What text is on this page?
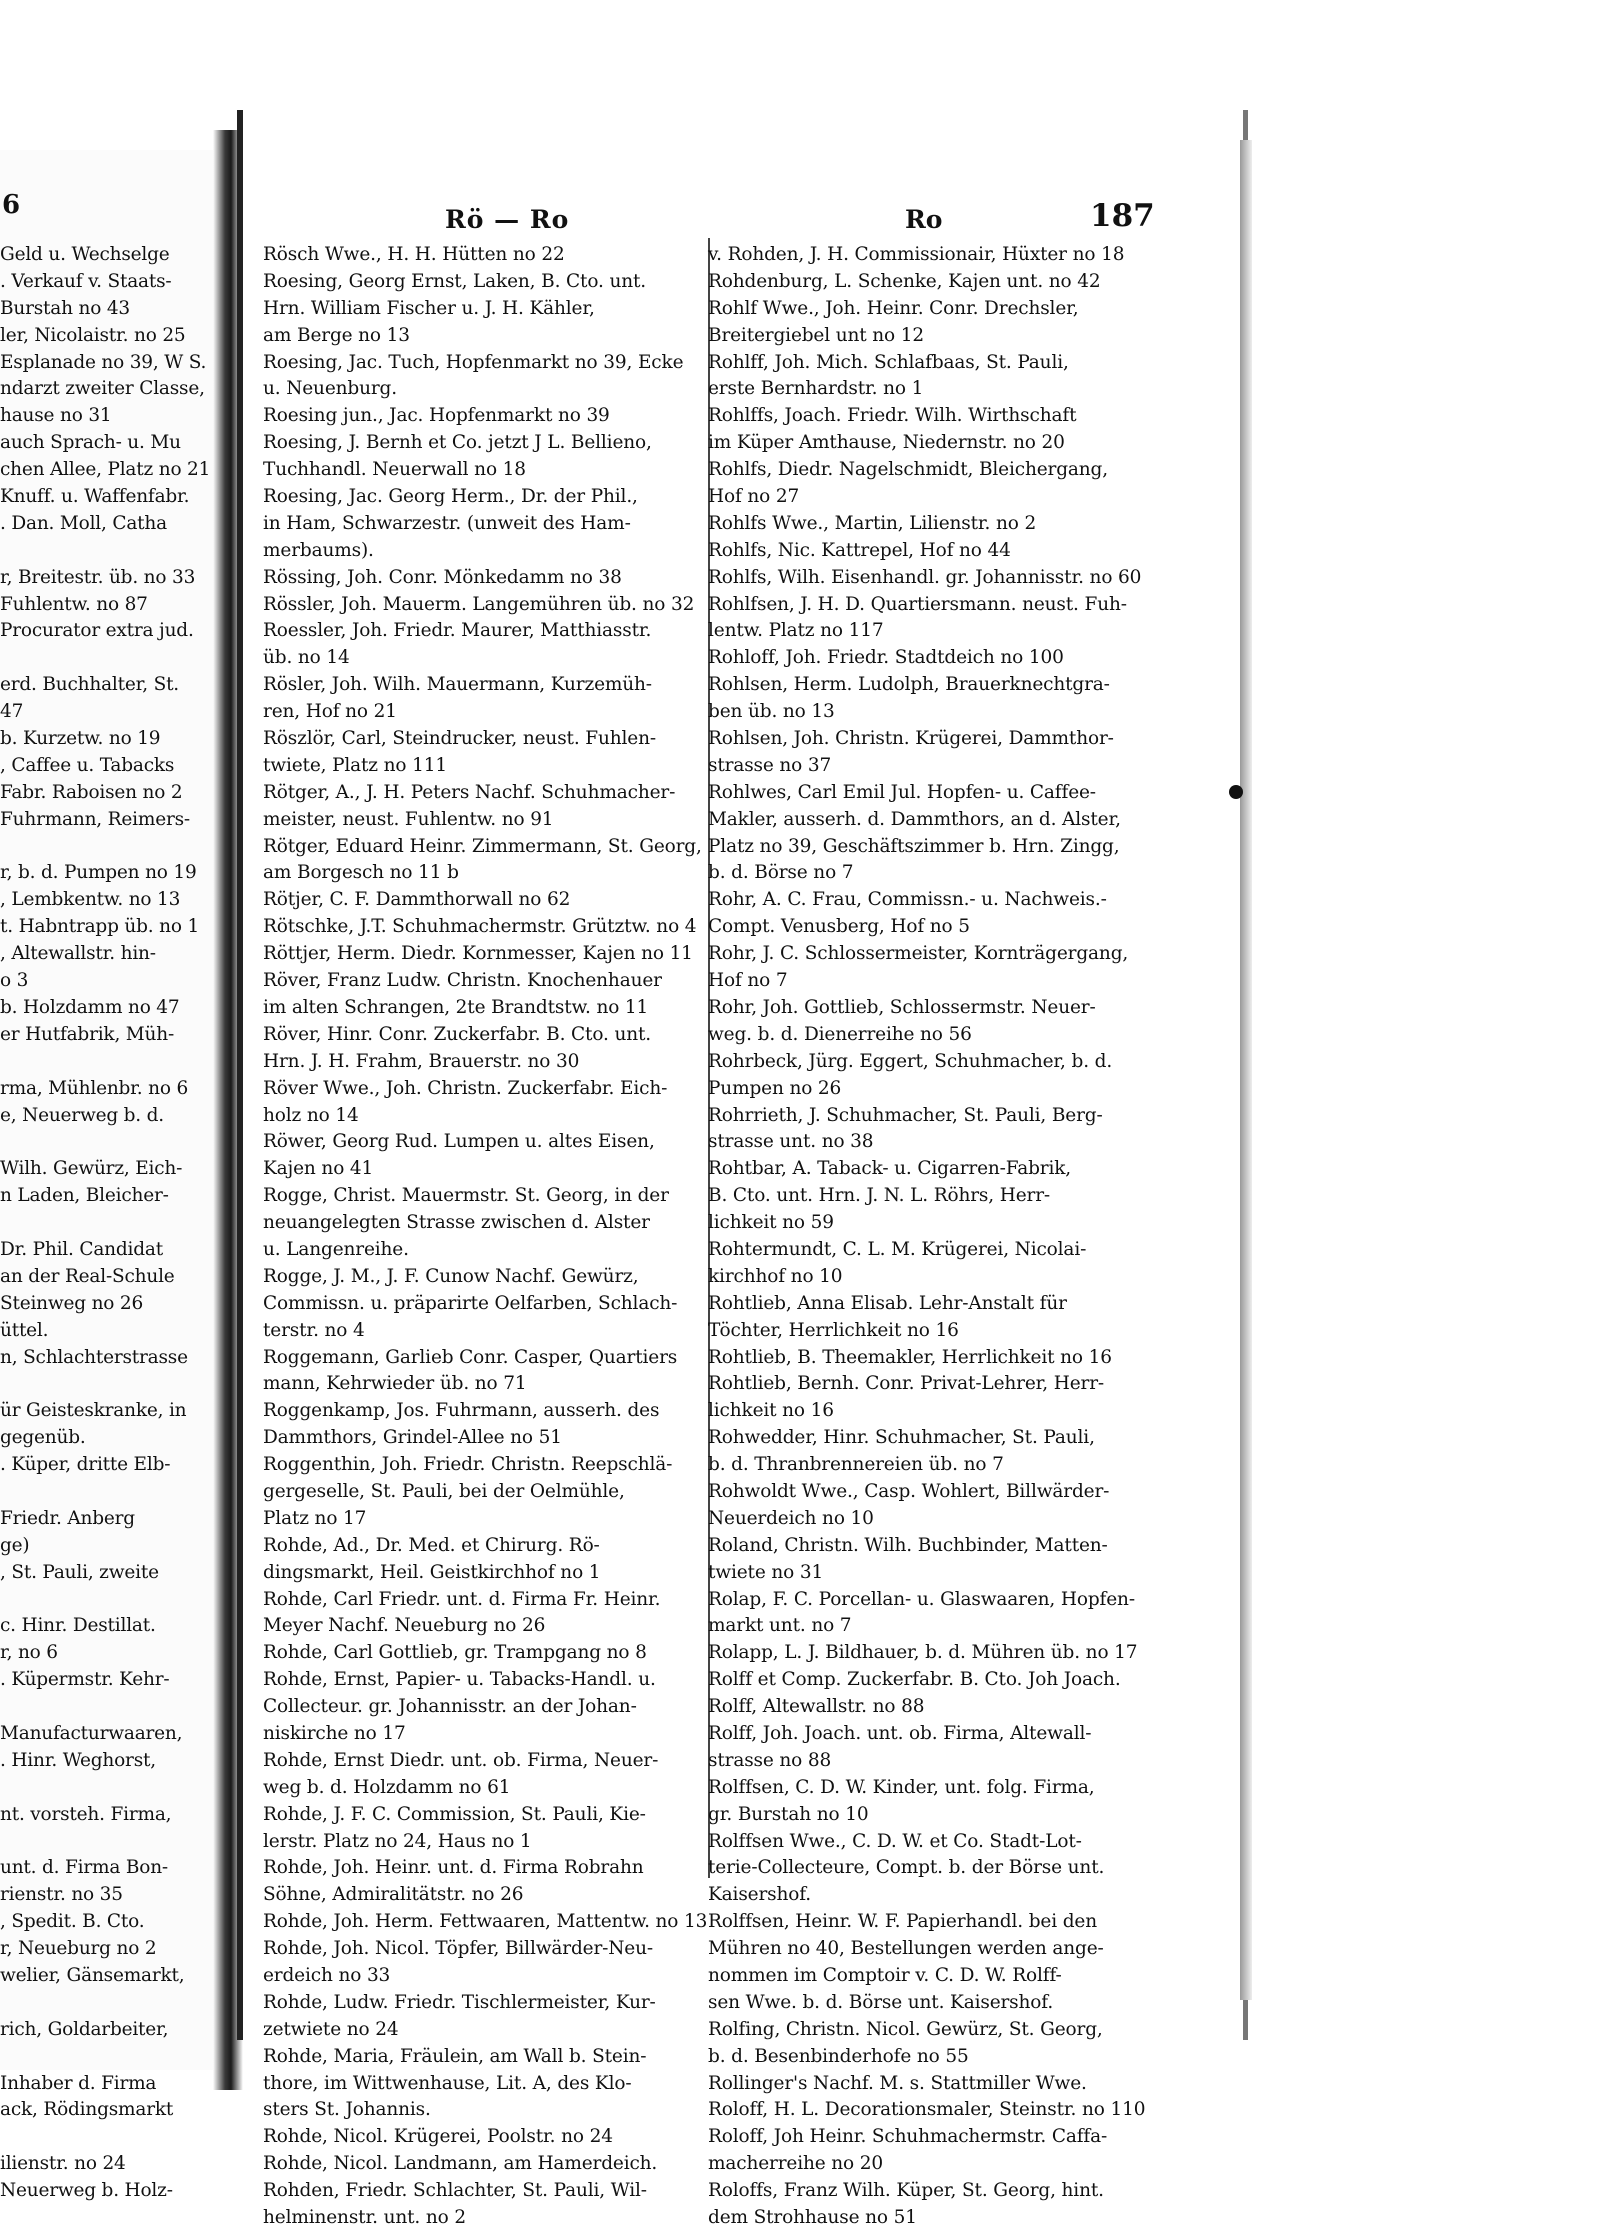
6
Geld u. Wechselge
. Verkauf v. Staats-
Burstah no 43
ler, Nicolaistr. no 25
Esplanade no 39, W S.
ndarzt zweiter Classe,
hause no 31
auch Sprach- u. Mu
chen Allee, Platz no 21
Knuff. u. Waffenfabr.
. Dan. Moll, Catha
r, Breitestr. üb. no 33
Fuhlentw. no 87
Procurator extra jud.
erd. Buchhalter, St.
47
b. Kurzetw. no 19
, Caffee u. Tabacks
Fabr. Raboisen no 2
Fuhrmann, Reimers-
r, b. d. Pumpen no 19
, Lembkentw. no 13
t. Habntrapp üb. no 1
, Altewallstr. hin-
o 3
b. Holzdamm no 47
er Hutfabrik, Müh-
rma, Mühlenbr. no 6
e, Neuerweg b. d.
Wilh. Gewürz, Eich-
n Laden, Bleicher-
Dr. Phil. Candidat
an der Real-Schule
Steinweg no 26
üttel.
n, Schlachterstrasse
ür Geisteskranke, in
gegenüb.
. Küper, dritte Elb-
Friedr. Anberg
ge)
, St. Pauli, zweite
c. Hinr. Destillat.
r, no 6
. Küpermstr. Kehr-
Manufacturwaaren,
. Hinr. Weghorst,
nt. vorsteh. Firma,
unt. d. Firma Bon-
rienstr. no 35
, Spedit. B. Cto.
r, Neueburg no 2
welier, Gänsemarkt,
rich, Goldarbeiter,
Inhaber d. Firma
ack, Rödingsmarkt
ilienstr. no 24
Neuerweg b. Holz-
Rö — Ro	Ro	187
Rösch Wwe., H. H. Hütten no 22
Roesing, Georg Ernst, Laken, B. Cto. unt.
Hrn. William Fischer u. J. H. Kähler,
am Berge no 13
Roesing, Jac. Tuch, Hopfenmarkt no 39, Ecke
u. Neuenburg.
Roesing jun., Jac. Hopfenmarkt no 39
Roesing, J. Bernh et Co. jetzt J L. Bellieno,
Tuchhandl. Neuerwall no 18
Roesing, Jac. Georg Herm., Dr. der Phil.,
in Ham, Schwarzestr. (unweit des Ham-
merbaums).
Rössing, Joh. Conr. Mönkedamm no 38
Rössler, Joh. Mauerm. Langemühren üb. no 32
Roessler, Joh. Friedr. Maurer, Matthiasstr.
üb. no 14
Rösler, Joh. Wilh. Mauermann, Kurzemüh-
ren, Hof no 21
Röszlör, Carl, Steindrucker, neust. Fuhlen-
twiete, Platz no 111
Rötger, A., J. H. Peters Nachf. Schuhmacher-
meister, neust. Fuhlentw. no 91
Rötger, Eduard Heinr. Zimmermann, St. Georg,
am Borgesch no 11 b
Rötjer, C. F. Dammthorwall no 62
Rötschke, J.T. Schuhmachermstr. Grütztw. no 4
Röttjer, Herm. Diedr. Kornmesser, Kajen no 11
Röver, Franz Ludw. Christn. Knochenhauer
im alten Schrangen, 2te Brandtstw. no 11
Röver, Hinr. Conr. Zuckerfabr. B. Cto. unt.
Hrn. J. H. Frahm, Brauerstr. no 30
Röver Wwe., Joh. Christn. Zuckerfabr. Eich-
holz no 14
Röwer, Georg Rud. Lumpen u. altes Eisen,
Kajen no 41
Rogge, Christ. Mauermstr. St. Georg, in der
neuangelegten Strasse zwischen d. Alster
u. Langenreihe.
Rogge, J. M., J. F. Cunow Nachf. Gewürz,
Commissn. u. präparirte Oelfarben, Schlach-
terstr. no 4
Roggemann, Garlieb Conr. Casper, Quartiers
mann, Kehrwieder üb. no 71
Roggenkamp, Jos. Fuhrmann, ausserh. des
Dammthors, Grindel-Allee no 51
Roggenthin, Joh. Friedr. Christn. Reepschlä-
gergeselle, St. Pauli, bei der Oelmühle,
Platz no 17
Rohde, Ad., Dr. Med. et Chirurg. Rö-
dingsmarkt, Heil. Geistkirchhof no 1
Rohde, Carl Friedr. unt. d. Firma Fr. Heinr.
Meyer Nachf. Neueburg no 26
Rohde, Carl Gottlieb, gr. Trampgang no 8
Rohde, Ernst, Papier- u. Tabacks-Handl. u.
Collecteur. gr. Johannisstr. an der Johan-
niskirche no 17
Rohde, Ernst Diedr. unt. ob. Firma, Neuer-
weg b. d. Holzdamm no 61
Rohde, J. F. C. Commission, St. Pauli, Kie-
lerstr. Platz no 24, Haus no 1
Rohde, Joh. Heinr. unt. d. Firma Robrahn
Söhne, Admiralitätstr. no 26
Rohde, Joh. Herm. Fettwaaren, Mattentw. no 13
Rohde, Joh. Nicol. Töpfer, Billwärder-Neu-
erdeich no 33
Rohde, Ludw. Friedr. Tischlermeister, Kur-
zetwiete no 24
Rohde, Maria, Fräulein, am Wall b. Stein-
thore, im Wittwenhause, Lit. A, des Klo-
sters St. Johannis.
Rohde, Nicol. Krügerei, Poolstr. no 24
Rohde, Nicol. Landmann, am Hamerdeich.
Rohden, Friedr. Schlachter, St. Pauli, Wil-
helminenstr. unt. no 2
v. Rohden, J. H. Commissionair, Hüxter no 18
Rohdenburg, L. Schenke, Kajen unt. no 42
Rohlf Wwe., Joh. Heinr. Conr. Drechsler,
Breitergiebel unt no 12
Rohlff, Joh. Mich. Schlafbaas, St. Pauli,
erste Bernhardstr. no 1
Rohlffs, Joach. Friedr. Wilh. Wirthschaft
im Küper Amthause, Niedernstr. no 20
Rohlfs, Diedr. Nagelschmidt, Bleichergang,
Hof no 27
Rohlfs Wwe., Martin, Lilienstr. no 2
Rohlfs, Nic. Kattrepel, Hof no 44
Rohlfs, Wilh. Eisenhandl. gr. Johannisstr. no 60
Rohlfsen, J. H. D. Quartiersmann. neust. Fuh-
lentw. Platz no 117
Rohloff, Joh. Friedr. Stadtdeich no 100
Rohlsen, Herm. Ludolph, Brauerknechtgra-
ben üb. no 13
Rohlsen, Joh. Christn. Krügerei, Dammthor-
strasse no 37
Rohlwes, Carl Emil Jul. Hopfen- u. Caffee-
Makler, ausserh. d. Dammthors, an d. Alster,
Platz no 39, Geschäftszimmer b. Hrn. Zingg,
b. d. Börse no 7
Rohr, A. C. Frau, Commissn.- u. Nachweis.-
Compt. Venusberg, Hof no 5
Rohr, J. C. Schlossermeister, Kornträgergang,
Hof no 7
Rohr, Joh. Gottlieb, Schlossermstr. Neuer-
weg. b. d. Dienerreihe no 56
Rohrbeck, Jürg. Eggert, Schuhmacher, b. d.
Pumpen no 26
Rohrrieth, J. Schuhmacher, St. Pauli, Berg-
strasse unt. no 38
Rohtbar, A. Taback- u. Cigarren-Fabrik,
B. Cto. unt. Hrn. J. N. L. Röhrs, Herr-
lichkeit no 59
Rohtermundt, C. L. M. Krügerei, Nicolai-
kirchhof no 10
Rohtlieb, Anna Elisab. Lehr-Anstalt für
Töchter, Herrlichkeit no 16
Rohtlieb, B. Theemakler, Herrlichkeit no 16
Rohtlieb, Bernh. Conr. Privat-Lehrer, Herr-
lichkeit no 16
Rohwedder, Hinr. Schuhmacher, St. Pauli,
b. d. Thranbrennereien üb. no 7
Rohwoldt Wwe., Casp. Wohlert, Billwärder-
Neuerdeich no 10
Roland, Christn. Wilh. Buchbinder, Matten-
twiete no 31
Rolap, F. C. Porcellan- u. Glaswaaren, Hopfen-
markt unt. no 7
Rolapp, L. J. Bildhauer, b. d. Mühren üb. no 17
Rolff et Comp. Zuckerfabr. B. Cto. Joh Joach.
Rolff, Altewallstr. no 88
Rolff, Joh. Joach. unt. ob. Firma, Altewall-
strasse no 88
Rolffsen, C. D. W. Kinder, unt. folg. Firma,
gr. Burstah no 10
Rolffsen Wwe., C. D. W. et Co. Stadt-Lot-
terie-Collecteure, Compt. b. der Börse unt.
Kaisershof.
Rolffsen, Heinr. W. F. Papierhandl. bei den
Mühren no 40, Bestellungen werden ange-
nommen im Comptoir v. C. D. W. Rolff-
sen Wwe. b. d. Börse unt. Kaisershof.
Rolfing, Christn. Nicol. Gewürz, St. Georg,
b. d. Besenbinderhofe no 55
Rollinger's Nachf. M. s. Stattmiller Wwe.
Roloff, H. L. Decorationsmaler, Steinstr. no 110
Roloff, Joh Heinr. Schuhmachermstr. Caffa-
macherreihe no 20
Roloffs, Franz Wilh. Küper, St. Georg, hint.
dem Strohhause no 51
